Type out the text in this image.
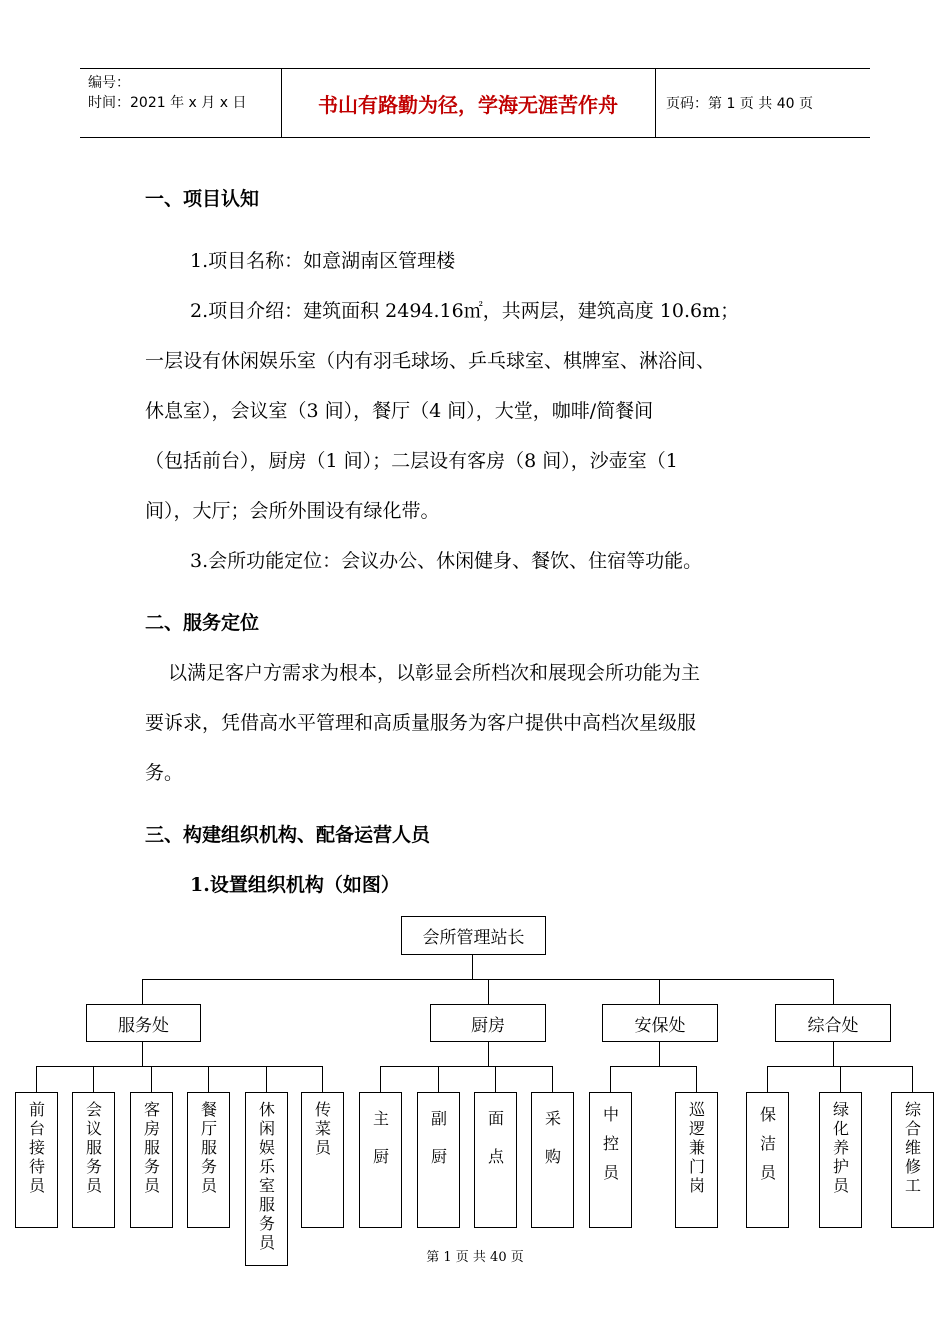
编号：
时间：2021 年 x 月 x 日	书山有路勤为径，学海无涯苦作舟	页码：第 1 页 共 40 页
一、项目认知
1.项目名称：如意湖南区管理楼
2.项目介绍：建筑面积 2494.16㎡，共两层，建筑高度 10.6m；
一层设有休闲娱乐室（内有羽毛球场、乒乓球室、棋牌室、淋浴间、
休息室），会议室（3 间），餐厅（4 间），大堂，咖啡/简餐间
（包括前台），厨房（1 间）；二层设有客房（8 间），沙壶室（1
间），大厅；会所外围设有绿化带。
3.会所功能定位：会议办公、休闲健身、餐饮、住宿等功能。
二、服务定位
以满足客户方需求为根本，以彰显会所档次和展现会所功能为主
要诉求，凭借高水平管理和高质量服务为客户提供中高档次星级服
务。
三、构建组织机构、配备运营人员
1.设置组织机构（如图）
会所管理站长
服务处	厨房	安保处	综合处
前台接待员
会议服务员
客房服务员
餐厅服务员
休闲娱乐室服务员
传菜员
主厨
副厨
面点
采购
中控员
巡逻兼门岗
保洁员
绿化养护员
综合维修工
第 1 页 共 40 页
